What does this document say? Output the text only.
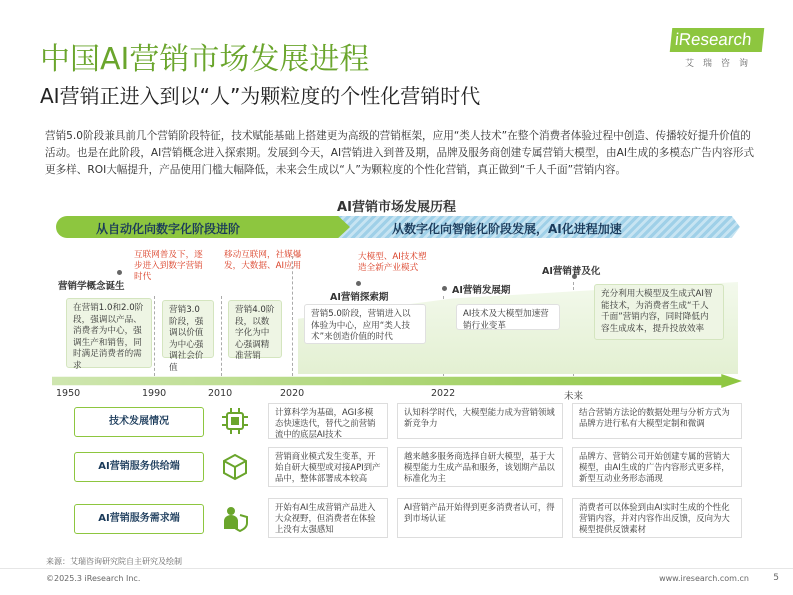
中国AI营销市场发展进程
AI营销正进入到以“人”为颗粒度的个性化营销时代
iResearch
艾瑞咨询
营销5.0阶段兼具前几个营销阶段特征，技术赋能基础上搭建更为高级的营销框架，应用“类人技术”在整个消费者体验过程中创造、传播较好提升价值的活动。也是在此阶段，AI营销概念进入探索期。发展到今天，AI营销进入到普及期，品牌及服务商创建专属营销大模型，由AI生成的多模态广告内容形式更多样、ROI大幅提升，产品使用门槛大幅降低，未来会生成以“人”为颗粒度的个性化营销，真正做到“千人千面”营销内容。
AI营销市场发展历程
从自动化向数字化阶段进阶	从数字化向智能化阶段发展，AI化进程加速
互联网普及下，逐步进入到数字营销时代
移动互联网，社媒爆发，大数据、AI应用
大模型、AI技术塑造全新产业模式
营销学概念诞生
AI营销探索期
AI营销发展期
AI营销普及化
在营销1.0和2.0阶段，强调以产品、消费者为中心，强调生产和销售，同时满足消费者的需求
营销3.0阶段，强调以价值为中心强调社会价值
营销4.0阶段，以数字化为中心强调精准营销
营销5.0阶段，营销进入以体验为中心，应用“类人技术”来创造价值的时代
AI技术及大模型加速营销行业变革
充分利用大模型及生成式AI智能技术，为消费者生成“千人千面”营销内容，同时降低内容生成成本，提升投放效率
1950	1990	2010	2020	2022	未来
技术发展情况
计算科学为基础，AGI多模态快速迭代，替代之前营销流中的底层AI技术
认知科学时代，大模型能力成为营销领域新竞争力
结合营销方法论的数据处理与分析方式为品牌方进行私有大模型定制和微调
AI营销服务供给端
营销商业模式发生变革，开始自研大模型或对接API到产品中，整体部署成本较高
越来越多服务商选择自研大模型，基于大模型能力生成产品和服务，该划期产品以标准化为主
品牌方、营销公司开始创建专属的营销大模型，由AI生成的广告内容形式更多样，新型互动业务形态涌现
AI营销服务需求端
开始有AI生成营销产品进入大众视野，但消费者在体验上没有太强感知
AI营销产品开始得到更多消费者认可，得到市场认证
消费者可以体验到由AI实时生成的个性化营销内容，并对内容作出反馈，反向为大模型提供反馈素材
来源：艾瑞咨询研究院自主研究及绘制
©2025.3 iResearch Inc.	www.iresearch.com.cn	5
